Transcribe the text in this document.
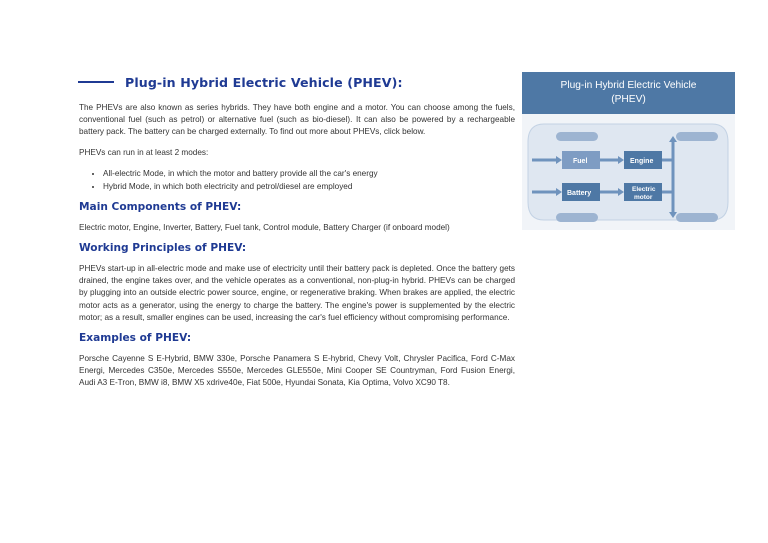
Plug-in Hybrid Electric Vehicle (PHEV):

The PHEVs are also known as series hybrids. They have both engine and a motor. You can choose among the fuels, conventional fuel (such as petrol) or alternative fuel (such as bio-diesel). It can also be powered by a rechargeable battery pack. The battery can be charged externally. To find out more about PHEVs, click below.

PHEVs can run in at least 2 modes:

• All-electric Mode, in which the motor and battery provide all the car's energy
• Hybrid Mode, in which both electricity and petrol/diesel are employed
Main Components of PHEV:

Electric motor, Engine, Inverter, Battery, Fuel tank, Control module, Battery Charger (if onboard model)

Working Principles of PHEV:

PHEVs start-up in all-electric mode and make use of electricity until their battery pack is depleted. Once the battery gets drained, the engine takes over, and the vehicle operates as a conventional, non-plug-in hybrid. PHEVs can be charged by plugging into an outside electric power source, engine, or regenerative braking. When brakes are applied, the electric motor acts as a generator, using the energy to charge the battery. The engine's power is supplemented by the electric motor; as a result, smaller engines can be used, increasing the car's fuel efficiency without compromising performance.

Examples of PHEV:

Porsche Cayenne S E-Hybrid, BMW 330e, Porsche Panamera S E-hybrid, Chevy Volt, Chrysler Pacifica, Ford C-Max Energi, Mercedes C350e, Mercedes S550e, Mercedes GLE550e, Mini Cooper SE Countryman, Ford Fusion Energi, Audi A3 E-Tron, BMW i8, BMW X5 xdrive40e, Fiat 500e, Hyundai Sonata, Kia Optima, Volvo XC90 T8.

Plug-in Hybrid Electric Vehicle
(PHEV)
Fuel	Engine
Battery
Electric
motor
